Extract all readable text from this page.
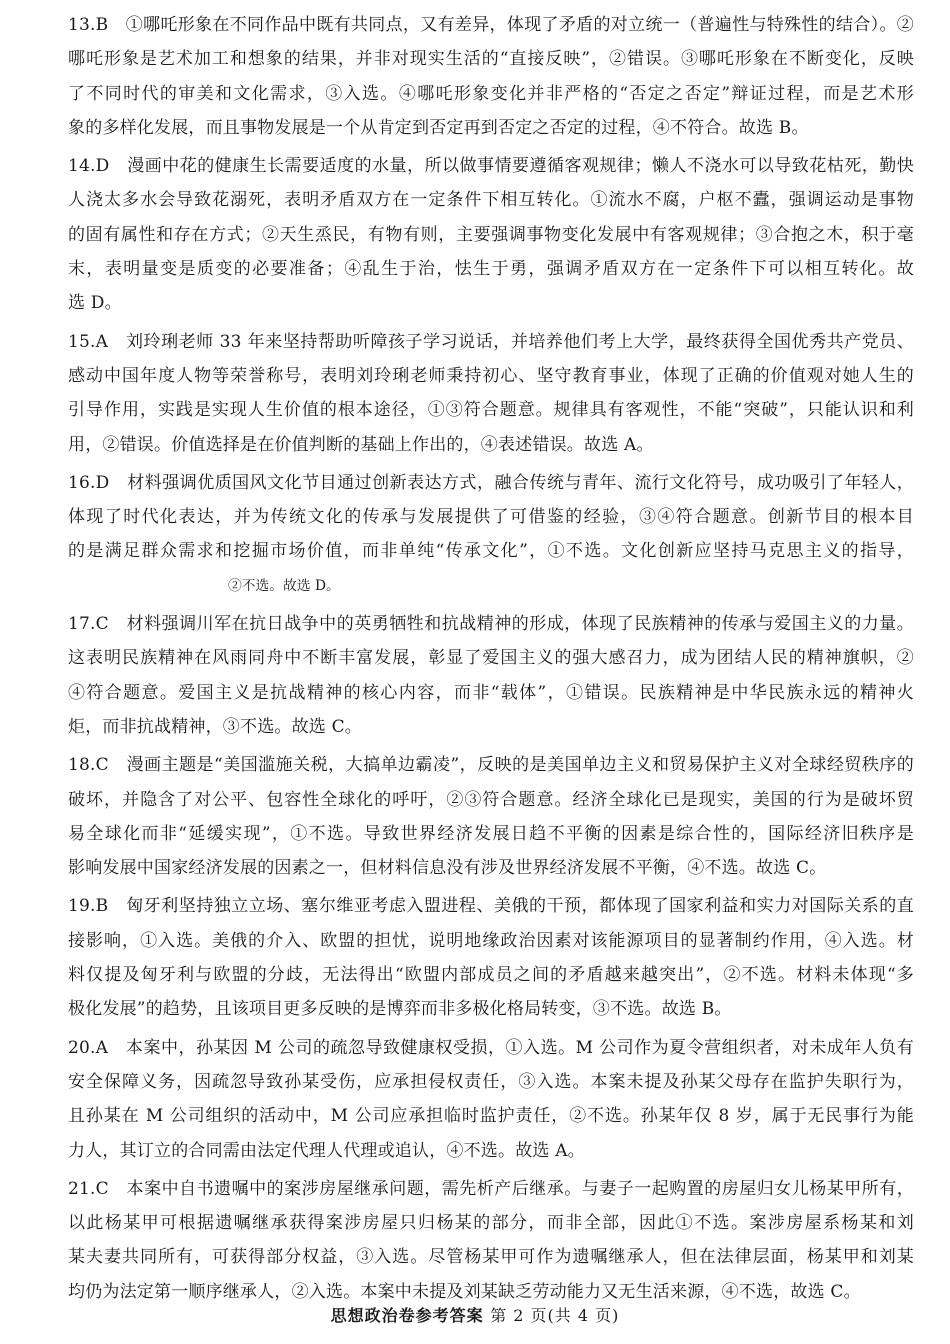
13.B　①哪吒形象在不同作品中既有共同点，又有差异，体现了矛盾的对立统一（普遍性与特殊性的结合）。②
哪吒形象是艺术加工和想象的结果，并非对现实生活的“直接反映”，②错误。③哪吒形象在不断变化，反映
了不同时代的审美和文化需求，③入选。④哪吒形象变化并非严格的“否定之否定”辩证过程，而是艺术形
象的多样化发展，而且事物发展是一个从肯定到否定再到否定之否定的过程，④不符合。故选 B。
14.D　漫画中花的健康生长需要适度的水量，所以做事情要遵循客观规律；懒人不浇水可以导致花枯死，勤快
人浇太多水会导致花溺死，表明矛盾双方在一定条件下相互转化。①流水不腐，户枢不蠹，强调运动是事物
的固有属性和存在方式；②天生烝民，有物有则，主要强调事物变化发展中有客观规律；③合抱之木，积于毫
末，表明量变是质变的必要准备；④乱生于治，怯生于勇，强调矛盾双方在一定条件下可以相互转化。故
选 D。
15.A　刘玲琍老师 33 年来坚持帮助听障孩子学习说话，并培养他们考上大学，最终获得全国优秀共产党员、
感动中国年度人物等荣誉称号，表明刘玲琍老师秉持初心、坚守教育事业，体现了正确的价值观对她人生的
引导作用，实践是实现人生价值的根本途径，①③符合题意。规律具有客观性，不能“突破”，只能认识和利
用，②错误。价值选择是在价值判断的基础上作出的，④表述错误。故选 A。
16.D　材料强调优质国风文化节目通过创新表达方式，融合传统与青年、流行文化符号，成功吸引了年轻人，
体现了时代化表达，并为传统文化的传承与发展提供了可借鉴的经验，③④符合题意。创新节目的根本目
的是满足群众需求和挖掘市场价值，而非单纯“传承文化”，①不选。文化创新应坚持马克思主义的指导，
②不选。故选 D。
17.C　材料强调川军在抗日战争中的英勇牺牲和抗战精神的形成，体现了民族精神的传承与爱国主义的力量。
这表明民族精神在风雨同舟中不断丰富发展，彰显了爱国主义的强大感召力，成为团结人民的精神旗帜，②
④符合题意。爱国主义是抗战精神的核心内容，而非“载体”，①错误。民族精神是中华民族永远的精神火
炬，而非抗战精神，③不选。故选 C。
18.C　漫画主题是“美国滥施关税，大搞单边霸凌”，反映的是美国单边主义和贸易保护主义对全球经贸秩序的
破坏，并隐含了对公平、包容性全球化的呼吁，②③符合题意。经济全球化已是现实，美国的行为是破坏贸
易全球化而非“延缓实现”，①不选。导致世界经济发展日趋不平衡的因素是综合性的，国际经济旧秩序是
影响发展中国家经济发展的因素之一，但材料信息没有涉及世界经济发展不平衡，④不选。故选 C。
19.B　匈牙利坚持独立立场、塞尔维亚考虑入盟进程、美俄的干预，都体现了国家利益和实力对国际关系的直
接影响，①入选。美俄的介入、欧盟的担忧，说明地缘政治因素对该能源项目的显著制约作用，④入选。材
料仅提及匈牙利与欧盟的分歧，无法得出“欧盟内部成员之间的矛盾越来越突出”，②不选。材料未体现“多
极化发展”的趋势，且该项目更多反映的是博弈而非多极化格局转变，③不选。故选 B。
20.A　本案中，孙某因 M 公司的疏忽导致健康权受损，①入选。M 公司作为夏令营组织者，对未成年人负有
安全保障义务，因疏忽导致孙某受伤，应承担侵权责任，③入选。本案未提及孙某父母存在监护失职行为，
且孙某在 M 公司组织的活动中，M 公司应承担临时监护责任，②不选。孙某年仅 8 岁，属于无民事行为能
力人，其订立的合同需由法定代理人代理或追认，④不选。故选 A。
21.C　本案中自书遗嘱中的案涉房屋继承问题，需先析产后继承。与妻子一起购置的房屋归女儿杨某甲所有，
以此杨某甲可根据遗嘱继承获得案涉房屋只归杨某的部分，而非全部，因此①不选。案涉房屋系杨某和刘
某夫妻共同所有，可获得部分权益，③入选。尽管杨某甲可作为遗嘱继承人，但在法律层面，杨某甲和刘某
均仍为法定第一顺序继承人，②入选。本案中未提及刘某缺乏劳动能力又无生活来源，④不选，故选 C。
思想政治卷参考答案 第 2 页(共 4 页)
